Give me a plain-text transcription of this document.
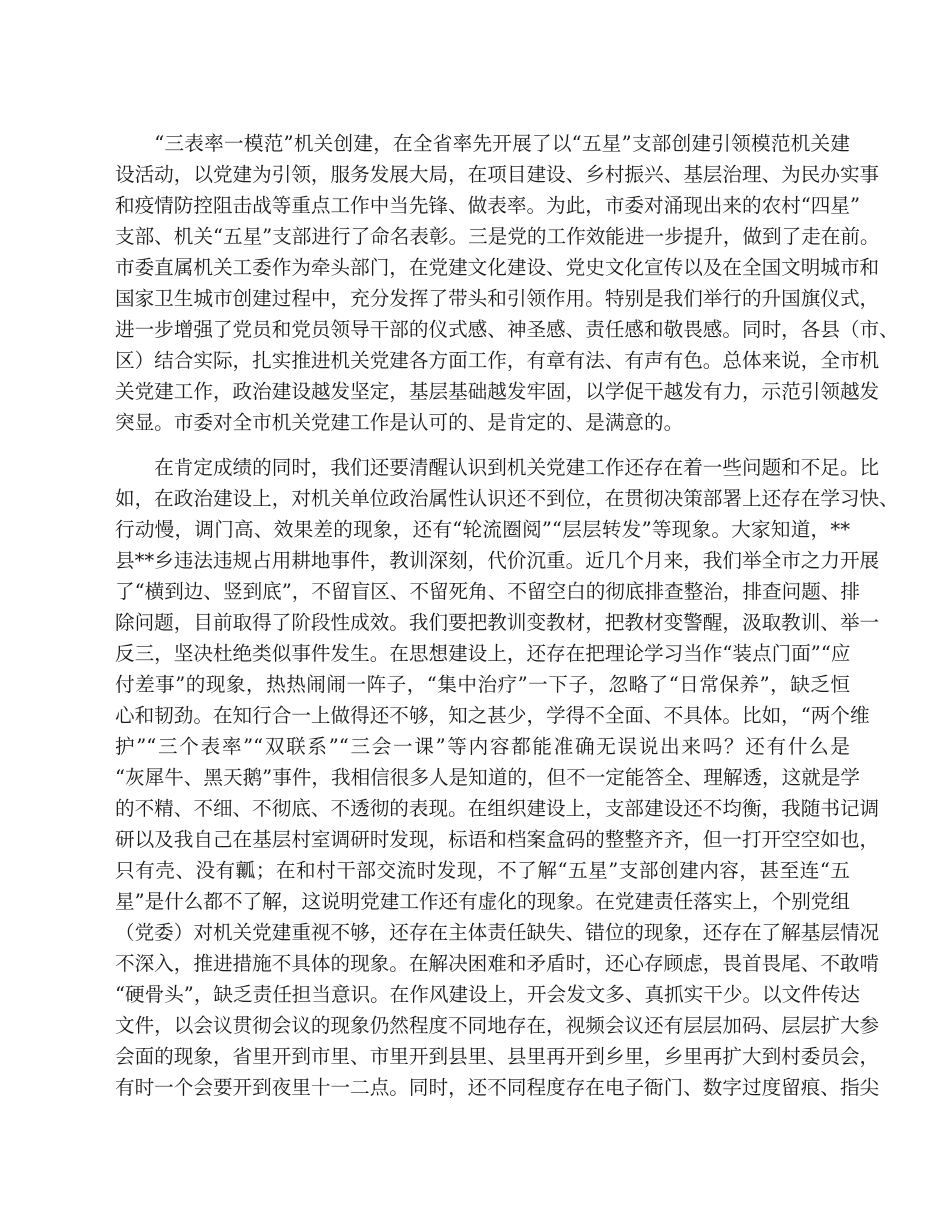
“三表率一模范”机关创建，在全省率先开展了以“五星”支部创建引领模范机关建
设活动，以党建为引领，服务发展大局，在项目建设、乡村振兴、基层治理、为民办实事
和疫情防控阻击战等重点工作中当先锋、做表率。为此，市委对涌现出来的农村“四星”
支部、机关“五星”支部进行了命名表彰。三是党的工作效能进一步提升，做到了走在前。
市委直属机关工委作为牵头部门，在党建文化建设、党史文化宣传以及在全国文明城市和
国家卫生城市创建过程中，充分发挥了带头和引领作用。特别是我们举行的升国旗仪式，
进一步增强了党员和党员领导干部的仪式感、神圣感、责任感和敬畏感。同时，各县（市、
区）结合实际，扎实推进机关党建各方面工作，有章有法、有声有色。总体来说，全市机
关党建工作，政治建设越发坚定，基层基础越发牢固，以学促干越发有力，示范引领越发
突显。市委对全市机关党建工作是认可的、是肯定的、是满意的。
在肯定成绩的同时，我们还要清醒认识到机关党建工作还存在着一些问题和不足。比
如，在政治建设上，对机关单位政治属性认识还不到位，在贯彻决策部署上还存在学习快、
行动慢，调门高、效果差的现象，还有“轮流圈阅”“层层转发”等现象。大家知道，**
县**乡违法违规占用耕地事件，教训深刻，代价沉重。近几个月来，我们举全市之力开展
了“横到边、竖到底”，不留盲区、不留死角、不留空白的彻底排查整治，排查问题、排
除问题，目前取得了阶段性成效。我们要把教训变教材，把教材变警醒，汲取教训、举一
反三，坚决杜绝类似事件发生。在思想建设上，还存在把理论学习当作“装点门面”“应
付差事”的现象，热热闹闹一阵子，“集中治疗”一下子，忽略了“日常保养”，缺乏恒
心和韧劲。在知行合一上做得还不够，知之甚少，学得不全面、不具体。比如，“两个维
护”“三个表率”“双联系”“三会一课”等内容都能准确无误说出来吗？还有什么是
“灰犀牛、黑天鹅”事件，我相信很多人是知道的，但不一定能答全、理解透，这就是学
的不精、不细、不彻底、不透彻的表现。在组织建设上，支部建设还不均衡，我随书记调
研以及我自己在基层村室调研时发现，标语和档案盒码的整整齐齐，但一打开空空如也，
只有壳、没有瓤；在和村干部交流时发现，不了解“五星”支部创建内容，甚至连“五
星”是什么都不了解，这说明党建工作还有虚化的现象。在党建责任落实上，个别党组
（党委）对机关党建重视不够，还存在主体责任缺失、错位的现象，还存在了解基层情况
不深入，推进措施不具体的现象。在解决困难和矛盾时，还心存顾虑，畏首畏尾、不敢啃
“硬骨头”，缺乏责任担当意识。在作风建设上，开会发文多、真抓实干少。以文件传达
文件，以会议贯彻会议的现象仍然程度不同地存在，视频会议还有层层加码、层层扩大参
会面的现象，省里开到市里、市里开到县里、县里再开到乡里，乡里再扩大到村委员会，
有时一个会要开到夜里十一二点。同时，还不同程度存在电子衙门、数字过度留痕、指尖
